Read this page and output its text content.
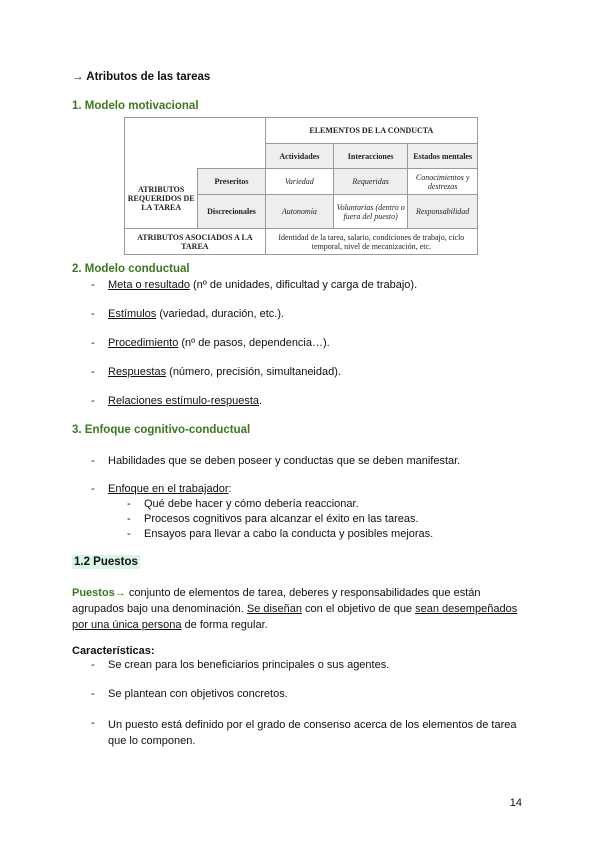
→ Atributos de las tareas
1. Modelo motivacional
		ELEMENTOS DE LA CONDUCTA		
		Actividades	Interacciones	Estados mentales
ATRIBUTOS REQUERIDOS DE LA TAREA	Preseritos	Variedad	Requeridas	Conocimientos y destrezas
	Discrecionales	Autonomía	Voluntarias (dentro o fuera del puesto)	Responsabilidad
ATRIBUTOS ASOCIADOS A LA TAREA		Identidad de la tarea, salario, condiciones de trabajo, ciclo temporal, nivel de mecanización, etc.		
2. Modelo conductual
- Meta o resultado (nº de unidades, dificultad y carga de trabajo).
- Estímulos (variedad, duración, etc.).
- Procedimiento (nº de pasos, dependencia…).
- Respuestas (número, precisión, simultaneidad).
- Relaciones estímulo-respuesta.
3. Enfoque cognitivo-conductual
- Habilidades que se deben poseer y conductas que se deben manifestar.
- Enfoque en el trabajador:
- Qué debe hacer y cómo debería reaccionar.
- Procesos cognitivos para alcanzar el éxito en las tareas.
- Ensayos para llevar a cabo la conducta y posibles mejoras.
1.2 Puestos
Puestos→ conjunto de elementos de tarea, deberes y responsabilidades que están agrupados bajo una denominación. Se diseñan con el objetivo de que sean desempeñados por una única persona de forma regular.
Características:
- Se crean para los beneficiarios principales o sus agentes.
- Se plantean con objetivos concretos.
- Un puesto está definido por el grado de consenso acerca de los elementos de tarea que lo componen.
14
